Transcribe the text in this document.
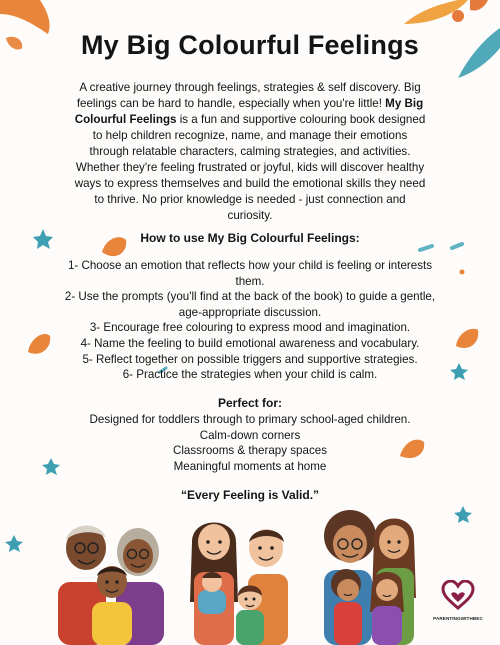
My Big Colourful Feelings
A creative journey through feelings, strategies & self discovery. Big feelings can be hard to handle, especially when you're little! My Big Colourful Feelings is a fun and supportive colouring book designed to help children recognize, name, and manage their emotions through relatable characters, calming strategies, and activities. Whether they're feeling frustrated or joyful, kids will discover healthy ways to express themselves and build the emotional skills they need to thrive. No prior knowledge is needed - just connection and curiosity.
How to use My Big Colourful Feelings:
1- Choose an emotion that reflects how your child is feeling or interests them.
2- Use the prompts (you'll find at the back of the book) to guide a gentle, age-appropriate discussion.
3- Encourage free colouring to express mood and imagination.
4- Name the feeling to build emotional awareness and vocabulary.
5- Reflect together on possible triggers and supportive strategies.
6- Practice the strategies when your child is calm.
Perfect for:
Designed for toddlers through to primary school-aged children.
Calm-down corners
Classrooms & therapy spaces
Meaningful moments at home
“Every Feeling is Valid.”
PARENTINGWITHBEC
